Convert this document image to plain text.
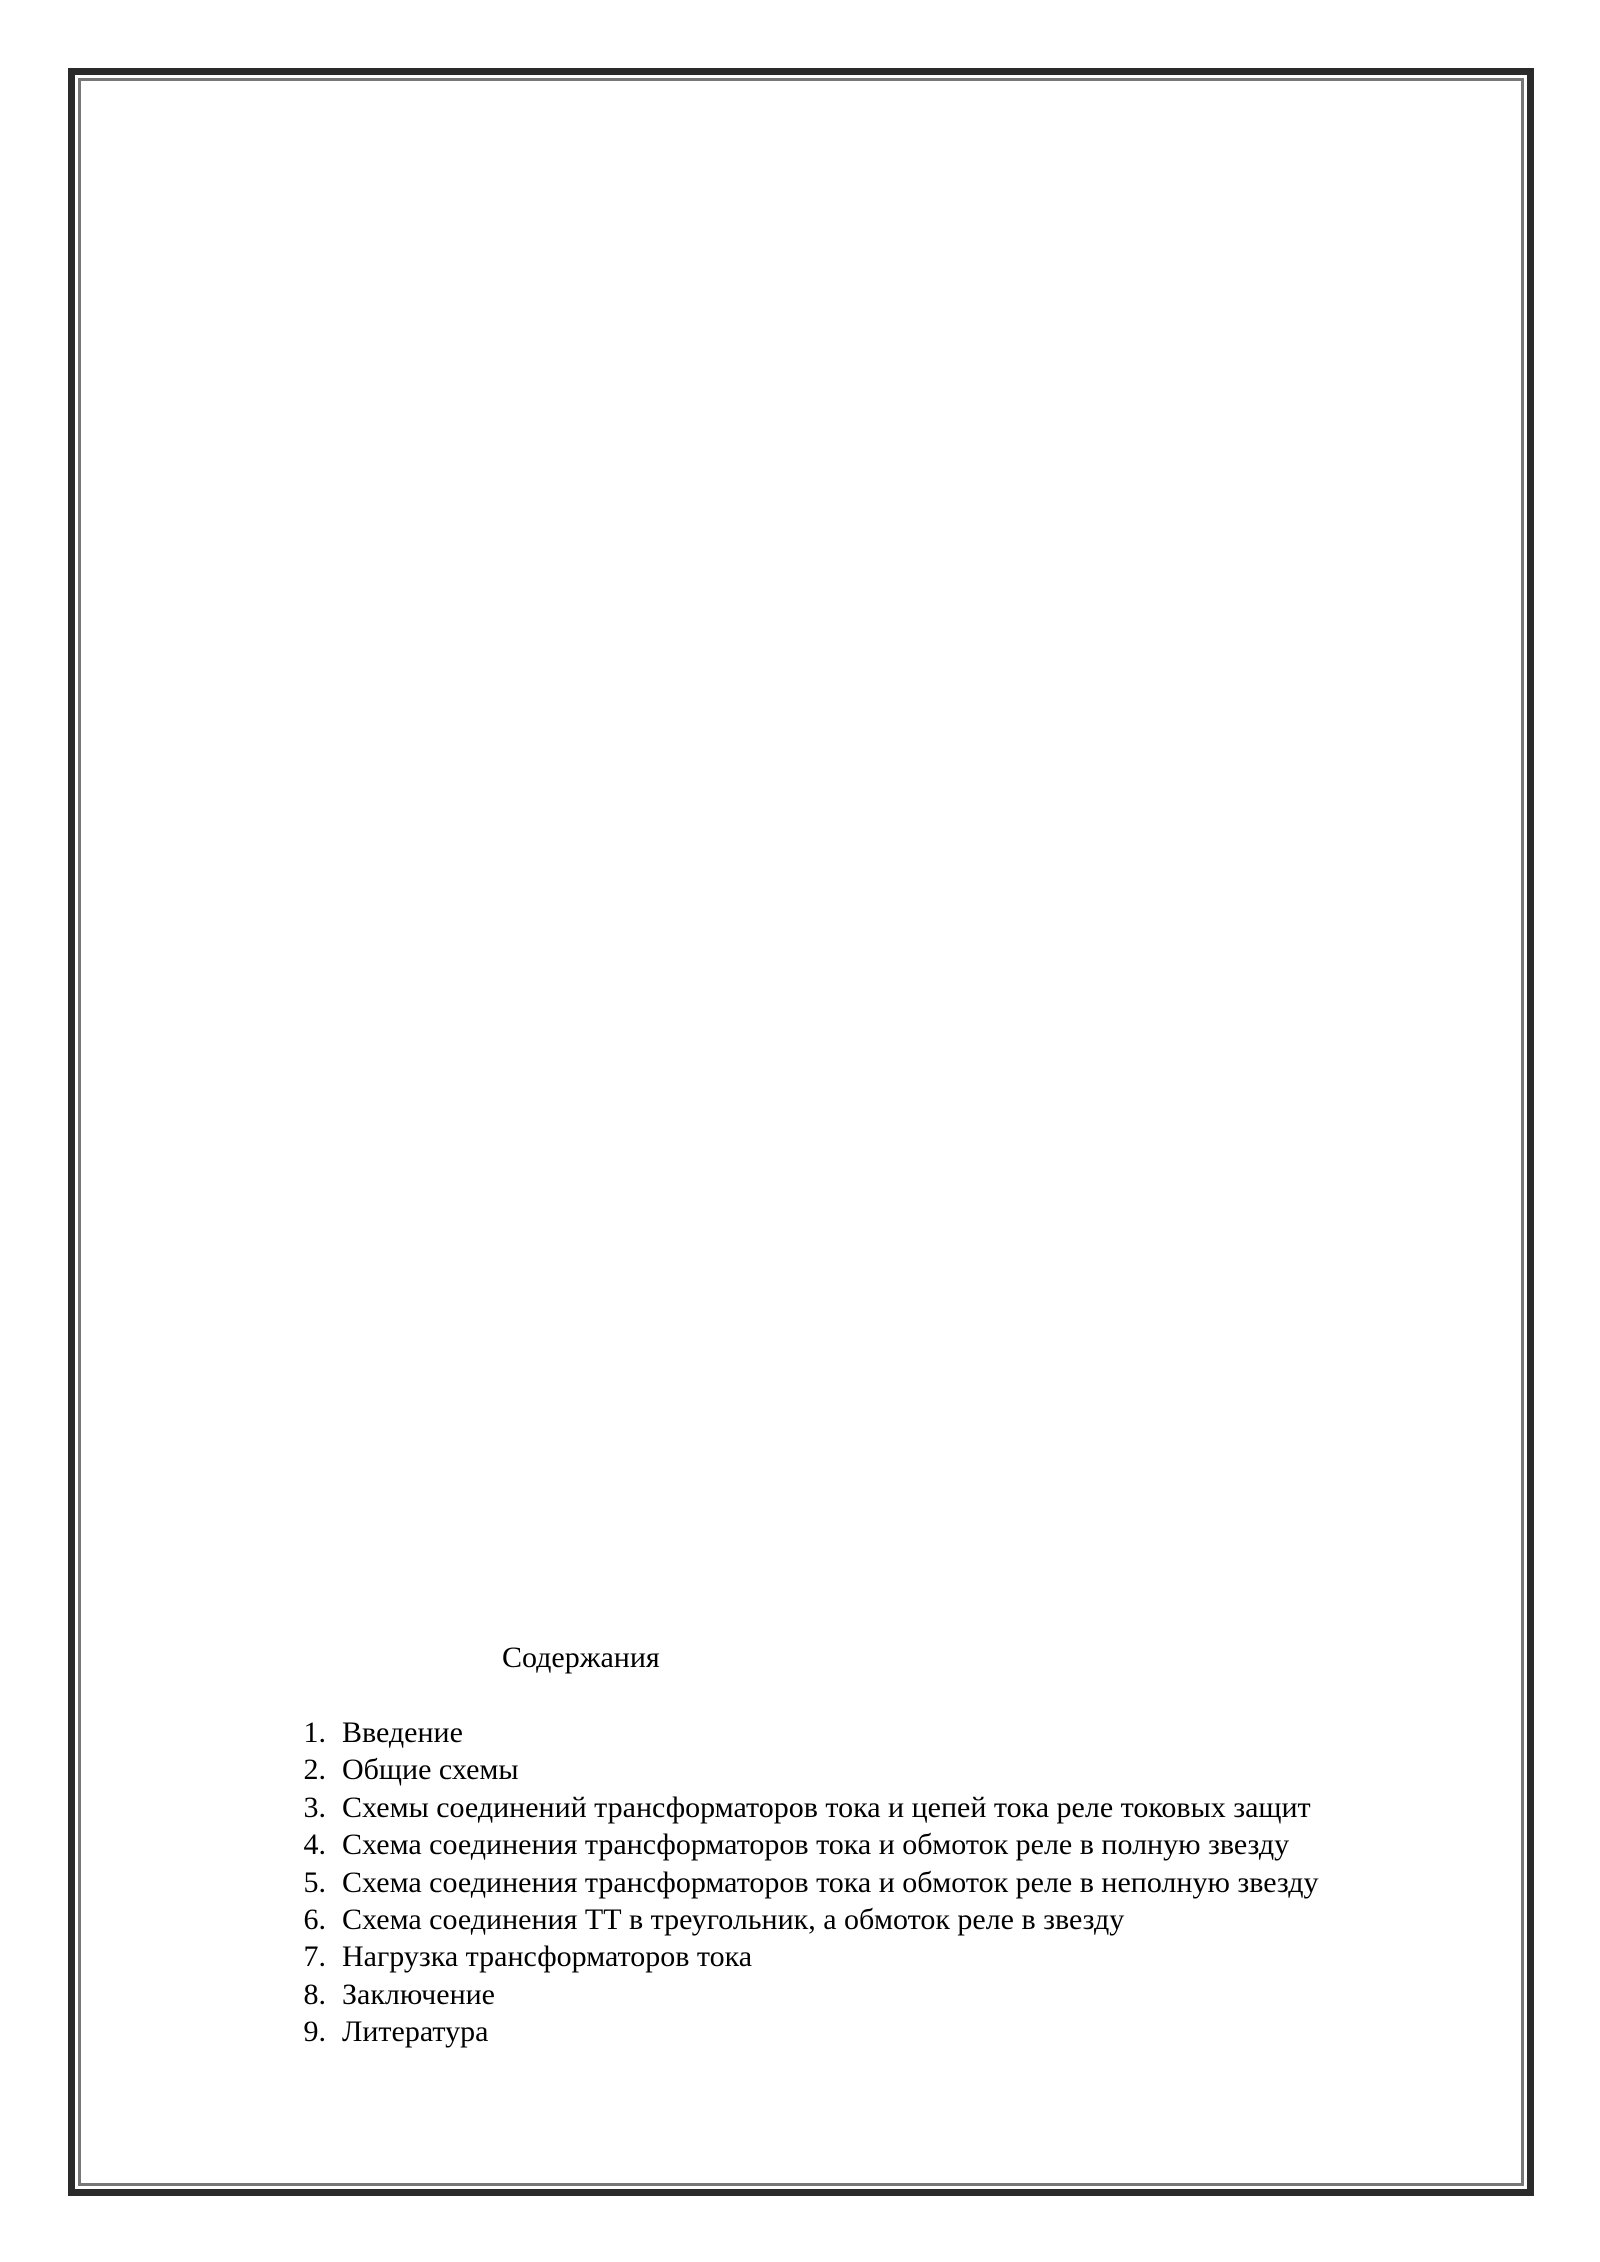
Содержания
1. Введение
2. Общие схемы
3. Схемы соединений трансформаторов тока и цепей тока реле токовых защит
4. Схема соединения трансформаторов тока и обмоток реле в полную звезду
5. Схема соединения трансформаторов тока и обмоток реле в неполную звезду
6. Схема соединения ТТ в треугольник, а обмоток реле в звезду
7. Нагрузка трансформаторов тока
8. Заключение
9. Литература
